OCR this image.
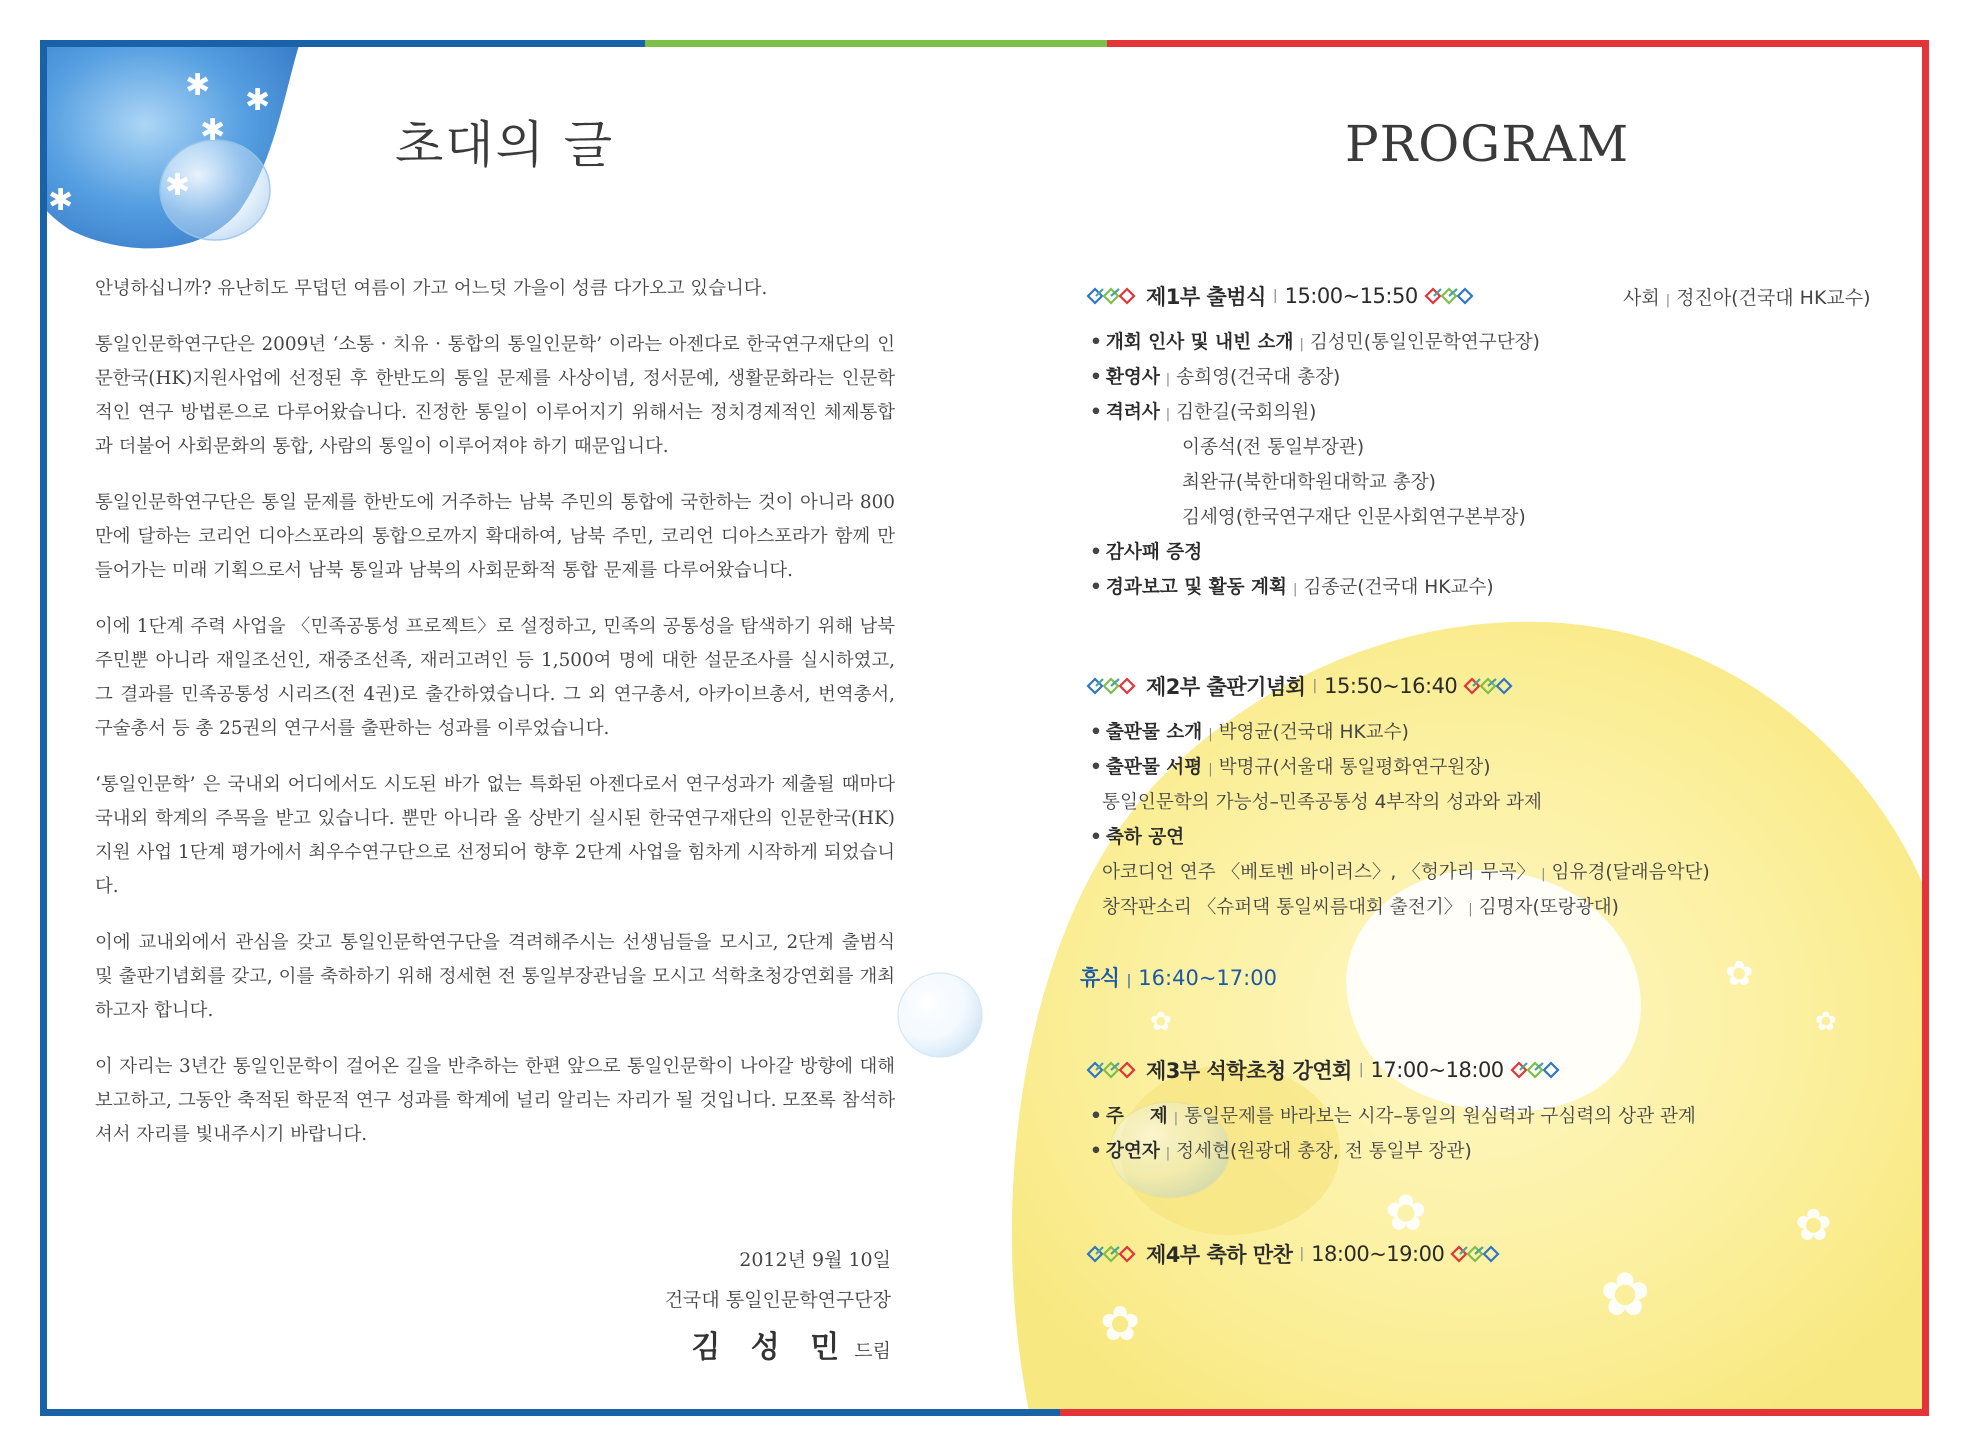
✱ ✱
✱
✱
✱
✿
✿
✿
✿
✿
✿
✿
초대의 글

안녕하십니까? 유난히도 무덥던 여름이 가고 어느덧 가을이 성큼 다가오고 있습니다.

통일인문학연구단은 2009년 ‘소통 · 치유 · 통합의 통일인문학’ 이라는 아젠다로 한국연구재단의 인문한국(HK)지원사업에 선정된 후 한반도의 통일 문제를 사상이념, 정서문예, 생활문화라는 인문학적인 연구 방법론으로 다루어왔습니다. 진정한 통일이 이루어지기 위해서는 정치경제적인 체제통합과 더불어 사회문화의 통합, 사람의 통일이 이루어져야 하기 때문입니다.

통일인문학연구단은 통일 문제를 한반도에 거주하는 남북 주민의 통합에 국한하는 것이 아니라 800만에 달하는 코리언 디아스포라의 통합으로까지 확대하여, 남북 주민, 코리언 디아스포라가 함께 만들어가는 미래 기획으로서 남북 통일과 남북의 사회문화적 통합 문제를 다루어왔습니다.

이에 1단계 주력 사업을 〈민족공통성 프로젝트〉로 설정하고, 민족의 공통성을 탐색하기 위해 남북 주민뿐 아니라 재일조선인, 재중조선족, 재러고려인 등 1,500여 명에 대한 설문조사를 실시하였고, 그 결과를 민족공통성 시리즈(전 4권)로 출간하였습니다. 그 외 연구총서, 아카이브총서, 번역총서, 구술총서 등 총 25권의 연구서를 출판하는 성과를 이루었습니다.

‘통일인문학’ 은 국내외 어디에서도 시도된 바가 없는 특화된 아젠다로서 연구성과가 제출될 때마다 국내외 학계의 주목을 받고 있습니다. 뿐만 아니라 올 상반기 실시된 한국연구재단의 인문한국(HK)지원 사업 1단계 평가에서 최우수연구단으로 선정되어 향후 2단계 사업을 힘차게 시작하게 되었습니다.

이에 교내외에서 관심을 갖고 통일인문학연구단을 격려해주시는 선생님들을 모시고, 2단계 출범식 및 출판기념회를 갖고, 이를 축하하기 위해 정세현 전 통일부장관님을 모시고 석학초청강연회를 개최하고자 합니다.

이 자리는 3년간 통일인문학이 걸어온 길을 반추하는 한편 앞으로 통일인문학이 나아갈 방향에 대해 보고하고, 그동안 축적된 학문적 연구 성과를 학계에 널리 알리는 자리가 될 것입니다. 모쪼록 참석하셔서 자리를 빛내주시기 바랍니다.

2012년 9월 10일
건국대 통일인문학연구단장
김 성 민 드림
PROGRAM
제1부 출범식 | 15:00~15:50	사회 | 정진아(건국대 HK교수)
• 개회 인사 및 내빈 소개 | 김성민(통일인문학연구단장)
• 환영사 | 송희영(건국대 총장)
• 격려사 | 김한길(국회의원)
이종석(전 통일부장관)
최완규(북한대학원대학교 총장)
김세영(한국연구재단 인문사회연구본부장)
• 감사패 증정
• 경과보고 및 활동 계획 | 김종군(건국대 HK교수)
제2부 출판기념회 | 15:50~16:40
• 출판물 소개 | 박영균(건국대 HK교수)
• 출판물 서평 | 박명규(서울대 통일평화연구원장)
통일인문학의 가능성–민족공통성 4부작의 성과와 과제
• 축하 공연
아코디언 연주 〈베토벤 바이러스〉, 〈헝가리 무곡〉 | 임유경(달래음악단)
창작판소리 〈슈퍼댁 통일씨름대회 출전기〉 | 김명자(또랑광대)
휴식 | 16:40~17:00
제3부 석학초청 강연회 | 17:00~18:00
• 주    제 | 통일문제를 바라보는 시각–통일의 원심력과 구심력의 상관 관계
• 강연자 | 정세현(원광대 총장, 전 통일부 장관)
제4부 축하 만찬 | 18:00~19:00
